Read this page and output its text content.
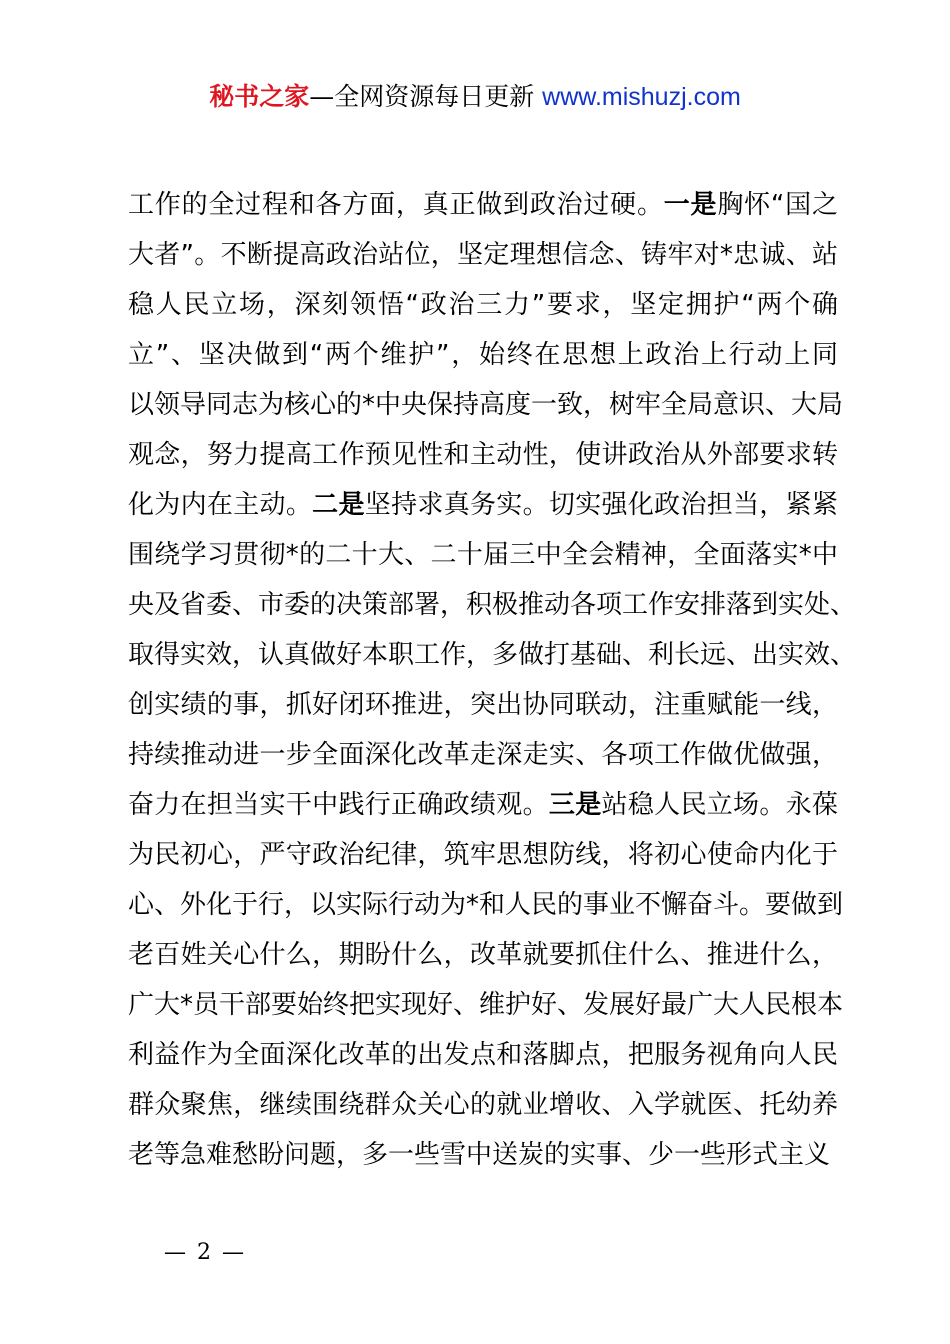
秘书之家—全网资源每日更新 www.mishuzj.com
工作的全过程和各方面，真正做到政治过硬。一是胸怀“国之
大者”。不断提高政治站位，坚定理想信念、铸牢对*忠诚、站
稳人民立场，深刻领悟“政治三力”要求，坚定拥护“两个确
立”、坚决做到“两个维护”，始终在思想上政治上行动上同
以领导同志为核心的*中央保持高度一致，树牢全局意识、大局
观念，努力提高工作预见性和主动性，使讲政治从外部要求转
化为内在主动。二是坚持求真务实。切实强化政治担当，紧紧
围绕学习贯彻*的二十大、二十届三中全会精神，全面落实*中
央及省委、市委的决策部署，积极推动各项工作安排落到实处、
取得实效，认真做好本职工作，多做打基础、利长远、出实效、
创实绩的事，抓好闭环推进，突出协同联动，注重赋能一线，
持续推动进一步全面深化改革走深走实、各项工作做优做强，
奋力在担当实干中践行正确政绩观。三是站稳人民立场。永葆
为民初心，严守政治纪律，筑牢思想防线，将初心使命内化于
心、外化于行，以实际行动为*和人民的事业不懈奋斗。要做到
老百姓关心什么，期盼什么，改革就要抓住什么、推进什么，
广大*员干部要始终把实现好、维护好、发展好最广大人民根本
利益作为全面深化改革的出发点和落脚点，把服务视角向人民
群众聚焦，继续围绕群众关心的就业增收、入学就医、托幼养
老等急难愁盼问题，多一些雪中送炭的实事、少一些形式主义
— 2 —
